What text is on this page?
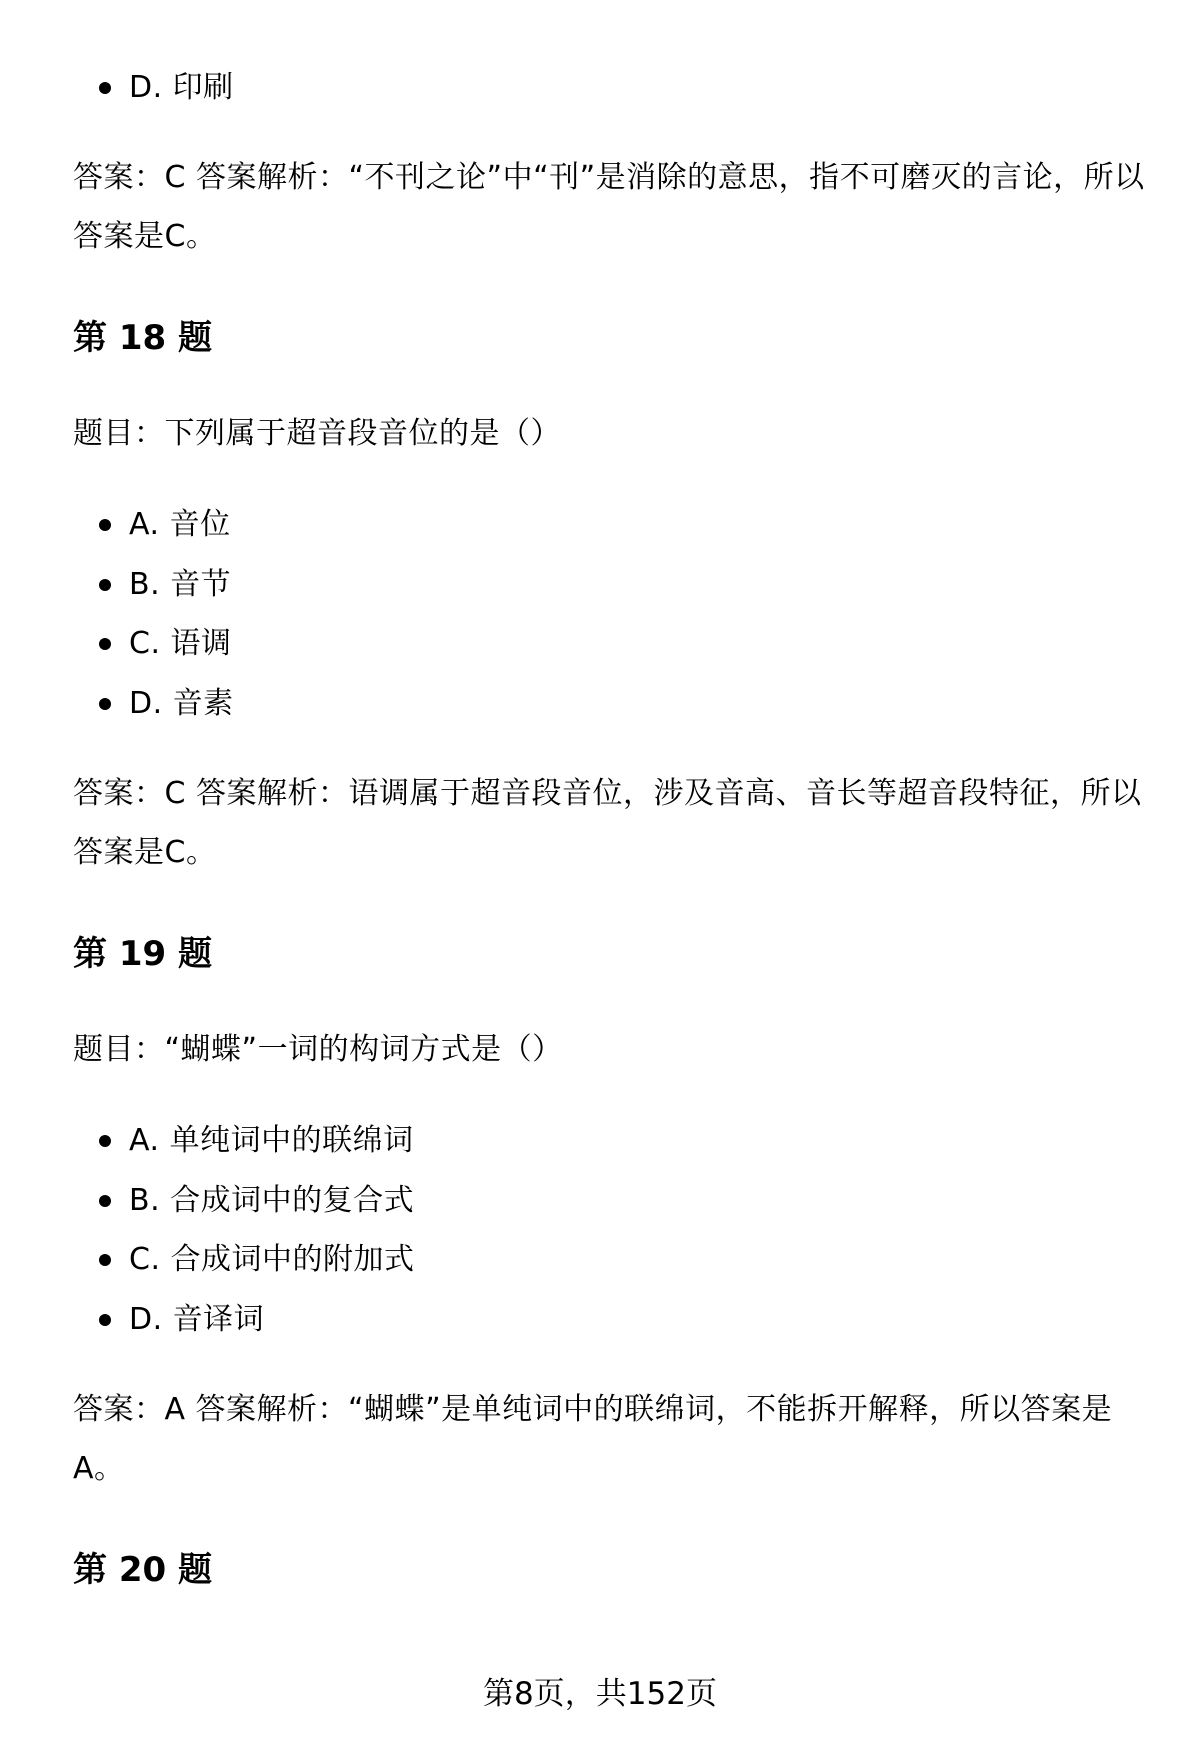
D. 印刷

答案：C 答案解析：“不刊之论”中“刊”是消除的意思，指不可磨灭的言论，所以答案是C。

第 18 题

题目：下列属于超音段音位的是（）

A. 音位
B. 音节
C. 语调
D. 音素

答案：C 答案解析：语调属于超音段音位，涉及音高、音长等超音段特征，所以答案是C。

第 19 题

题目：“蝴蝶”一词的构词方式是（）

A. 单纯词中的联绵词
B. 合成词中的复合式
C. 合成词中的附加式
D. 音译词

答案：A 答案解析：“蝴蝶”是单纯词中的联绵词，不能拆开解释，所以答案是A。

第 20 题
第8页，共152页
